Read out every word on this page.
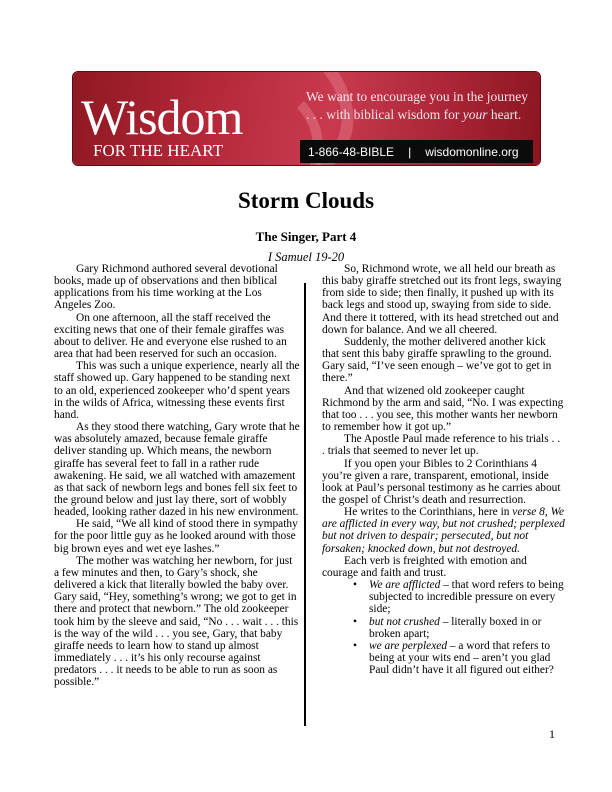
Wisdom
FOR THE HEART
We want to encourage you in the journey
. . . with biblical wisdom for your heart.
1-866-48-BIBLE | wisdomonline.org
Storm Clouds
The Singer, Part 4
I Samuel 19-20

Gary Richmond authored several devotional books, made up of observations and then biblical applications from his time working at the Los Angeles Zoo.

On one afternoon, all the staff received the exciting news that one of their female giraffes was about to deliver. He and everyone else rushed to an area that had been reserved for such an occasion.

This was such a unique experience, nearly all the staff showed up. Gary happened to be standing next to an old, experienced zookeeper who’d spent years in the wilds of Africa, witnessing these events first hand.

As they stood there watching, Gary wrote that he was absolutely amazed, because female giraffe deliver standing up. Which means, the newborn giraffe has several feet to fall in a rather rude awakening. He said, we all watched with amazement as that sack of newborn legs and bones fell six feet to the ground below and just lay there, sort of wobbly headed, looking rather dazed in his new environment.

He said, “We all kind of stood there in sympathy for the poor little guy as he looked around with those big brown eyes and wet eye lashes.”

The mother was watching her newborn, for just a few minutes and then, to Gary’s shock, she delivered a kick that literally bowled the baby over. Gary said, “Hey, something’s wrong; we got to get in there and protect that newborn.” The old zookeeper took him by the sleeve and said, “No . . . wait . . . this is the way of the wild . . . you see, Gary, that baby giraffe needs to learn how to stand up almost immediately . . . it’s his only recourse against predators . . . it needs to be able to run as soon as possible.”

So, Richmond wrote, we all held our breath as this baby giraffe stretched out its front legs, swaying from side to side; then finally, it pushed up with its back legs and stood up, swaying from side to side. And there it tottered, with its head stretched out and down for balance. And we all cheered.

Suddenly, the mother delivered another kick that sent this baby giraffe sprawling to the ground. Gary said, “I’ve seen enough – we’ve got to get in there.”

And that wizened old zookeeper caught Richmond by the arm and said, “No. I was expecting that too . . . you see, this mother wants her newborn to remember how it got up.”

The Apostle Paul made reference to his trials . . . trials that seemed to never let up.

If you open your Bibles to 2 Corinthians 4 you’re given a rare, transparent, emotional, inside look at Paul’s personal testimony as he carries about the gospel of Christ’s death and resurrection.

He writes to the Corinthians, here in verse 8, We are afflicted in every way, but not crushed; perplexed but not driven to despair; persecuted, but not forsaken; knocked down, but not destroyed.

Each verb is freighted with emotion and courage and faith and trust.

• We are afflicted – that word refers to being subjected to incredible pressure on every side;
• but not crushed – literally boxed in or broken apart;
• we are perplexed – a word that refers to being at your wits end – aren’t you glad Paul didn’t have it all figured out either?
1
